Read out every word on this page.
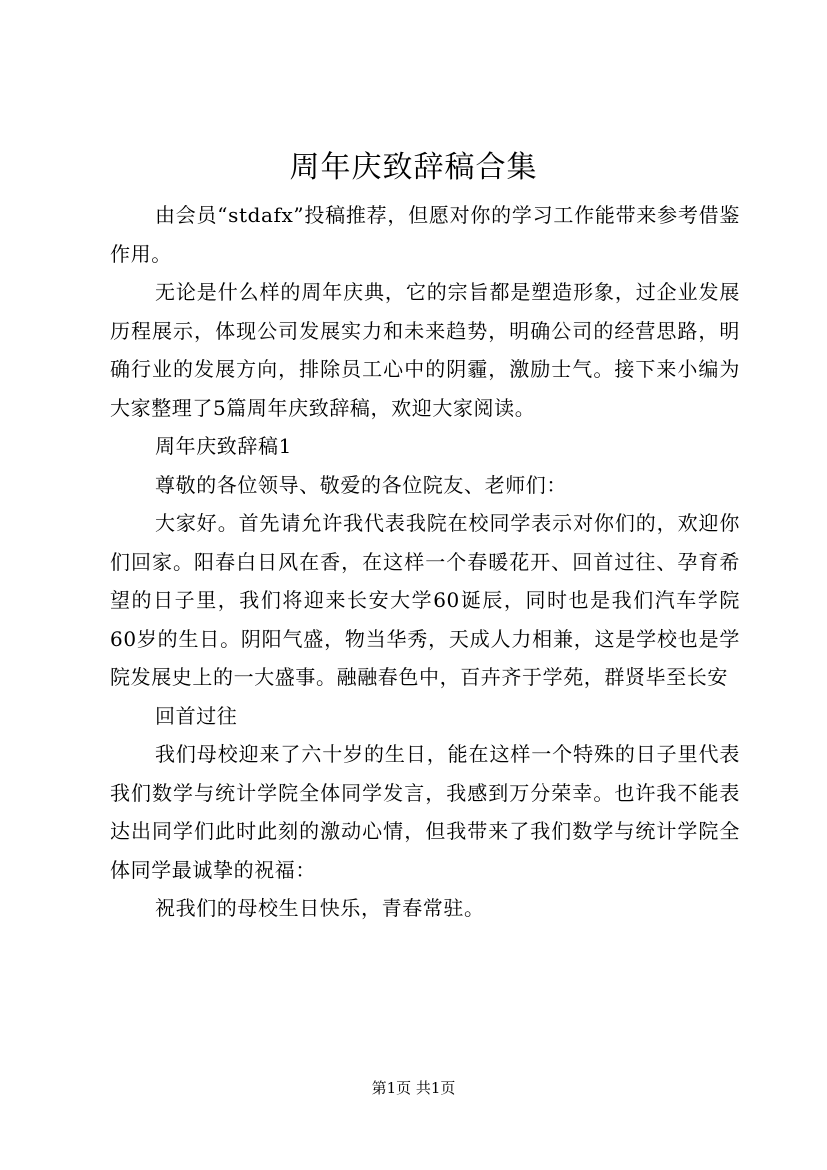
周年庆致辞稿合集

由会员“stdafx”投稿推荐，但愿对你的学习工作能带来参考借鉴作用。

无论是什么样的周年庆典，它的宗旨都是塑造形象，过企业发展历程展示，体现公司发展实力和未来趋势，明确公司的经营思路，明确行业的发展方向，排除员工心中的阴霾，激励士气。接下来小编为大家整理了5篇周年庆致辞稿，欢迎大家阅读。

周年庆致辞稿1

尊敬的各位领导、敬爱的各位院友、老师们：

大家好。首先请允许我代表我院在校同学表示对你们的，欢迎你们回家。阳春白日风在香，在这样一个春暖花开、回首过往、孕育希望的日子里，我们将迎来长安大学60诞辰，同时也是我们汽车学院60岁的生日。阴阳气盛，物当华秀，天成人力相兼，这是学校也是学院发展史上的一大盛事。融融春色中，百卉齐于学苑，群贤毕至长安

回首过往

我们母校迎来了六十岁的生日，能在这样一个特殊的日子里代表我们数学与统计学院全体同学发言，我感到万分荣幸。也许我不能表达出同学们此时此刻的激动心情，但我带来了我们数学与统计学院全体同学最诚挚的祝福：

祝我们的母校生日快乐，青春常驻。

第1页 共1页
